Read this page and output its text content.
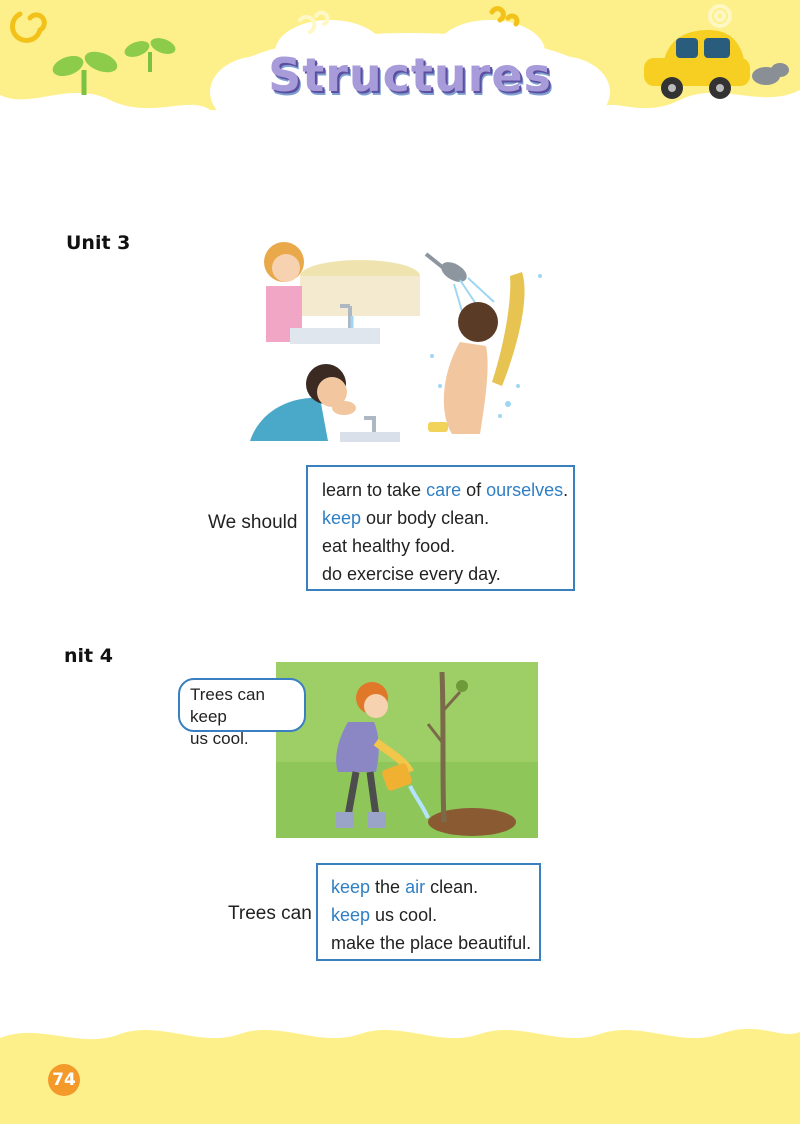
Structures
Unit 3
We should
learn to take care of ourselves.
keep our body clean.
eat healthy food.
do exercise every day.
nit 4
Trees can keep
us cool.
Trees can
keep the air clean.
keep us cool.
make the place beautiful.
74
